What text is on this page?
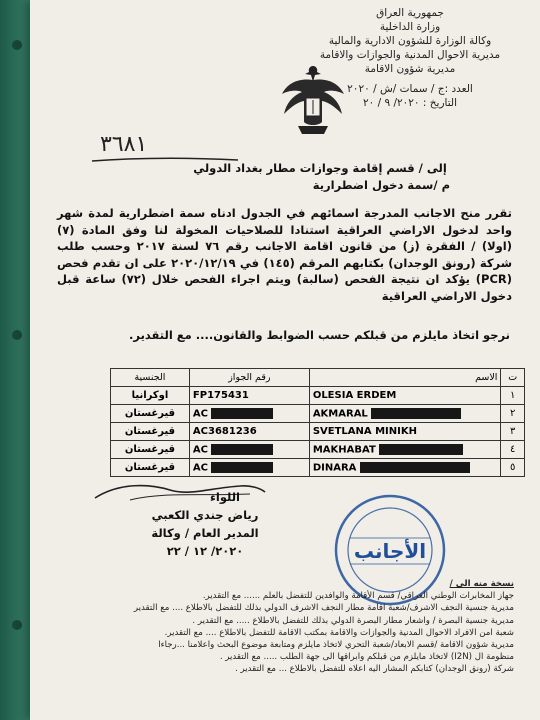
جمهورية العراق
وزارة الداخلية
وكالة الوزارة للشؤون الادارية والمالية
مديرية الاحوال المدنية والجوازات والاقامة
مديرية شؤون الاقامة
العدد :ج / سمات /ش / ٢٠٢٠
التاريخ : ٢٠٢٠/ ٩ / ٢٠
٣٦٨١
إلى / قسم إقامة وجوازات مطار بغداد الدولي
م /سمة دخول اضطرارية
تقرر منح الاجانب المدرجة اسمائهم في الجدول ادناه سمة اضطرارية لمدة شهر واحد لدخول الاراضي العراقية استنادا للصلاحيات المخولة لنا وفق المادة (٧) (اولا) / الفقرة (ز) من قانون اقامة الاجانب رقم ٧٦ لسنة ٢٠١٧ وحسب طلب شركة (رونق الوجدان) بكتابهم المرقم (١٤٥) في ٢٠٢٠/١٢/١٩ على ان تقدم فحص (PCR) يؤكد ان نتيجة الفحص (سالبة) ويتم اجراء الفحص خلال (٧٢) ساعة قبل دخول الاراضي العراقية
نرجو اتخاذ مايلزم من قبلكم حسب الضوابط والقانون.... مع التقدير.
ت	الاسم	رقم الجواز	الجنسية
١	OLESIA ERDEM	FP175431	اوكرانيا
٢	AKMARAL	AC	قيرغستان
٣	SVETLANA MINIKH	AC3681236	قيرغستان
٤	MAKHABAT	AC	قيرغستان
٥	DINARA	AC	قيرغستان
اللواء
رياض جندي الكعبي
المدير العام / وكالة
٢٠٢٠/ ١٢ / ٢٢	الأجانب
نسخة منه الى /
جهاز المخابرات الوطني العراقي/ قسم الأقامة والوافدين للتفضل بالعلم ...... مع التقدير.
مديرية جنسية النجف الاشرف/شعبة اقامة مطار النجف الاشرف الدولي بذلك للتفضل بالاطلاع .... مع التقدير
مديرية جنسية البصرة / واشعار مطار البصرة الدولي بذلك للتفضل بالاطلاع ..... مع التقدير .
شعبة امن الافراد الاحوال المدنية والجوازات والاقامة بمكتب الاقامة للتفضل بالاطلاع .... مع التقدير.
مديرية شؤون الاقامة /قسم الابعاد/شعبة التحري لاتخاذ مايلزم ومتابعة موضوع البحث واعلامنا ...رجاءا
منظومة ال (I2N) لاتخاذ مايلزم من قبلكم وابراقها الى جهة الطلب ..... مع التقدير .
شركة (رونق الوجدان) كتابكم المشار اليه اعلاه للتفضل بالاطلاع ... مع التقدير .
